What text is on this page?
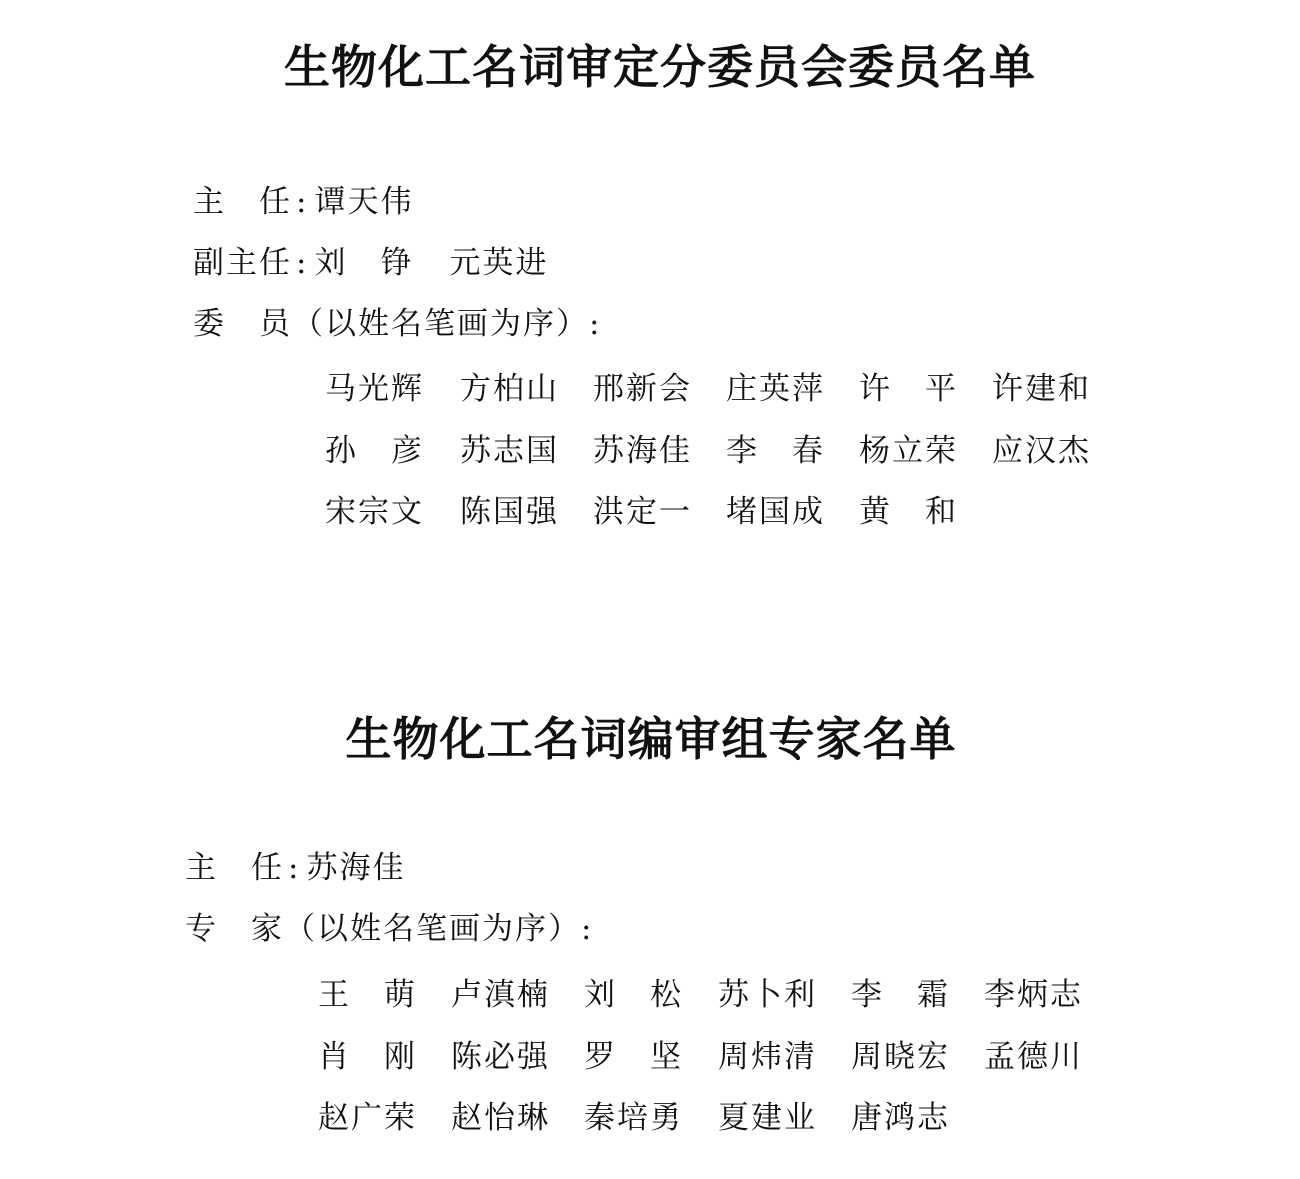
生物化工名词审定分委员会委员名单
主　任 : 谭天伟
副主任 : 刘　铮 元英进
委　员（以姓名笔画为序）:
马光辉 方柏山 邢新会 庄英萍 许　平 许建和
孙　彦 苏志国 苏海佳 李　春 杨立荣 应汉杰
宋宗文 陈国强 洪定一 堵国成 黄　和
生物化工名词编审组专家名单
主　任 : 苏海佳
专　家（以姓名笔画为序）:
王　萌 卢滇楠 刘　松 苏卜利 李　霜 李炳志
肖　刚 陈必强 罗　坚 周炜清 周晓宏 孟德川
赵广荣 赵怡琳 秦培勇 夏建业 唐鸿志
